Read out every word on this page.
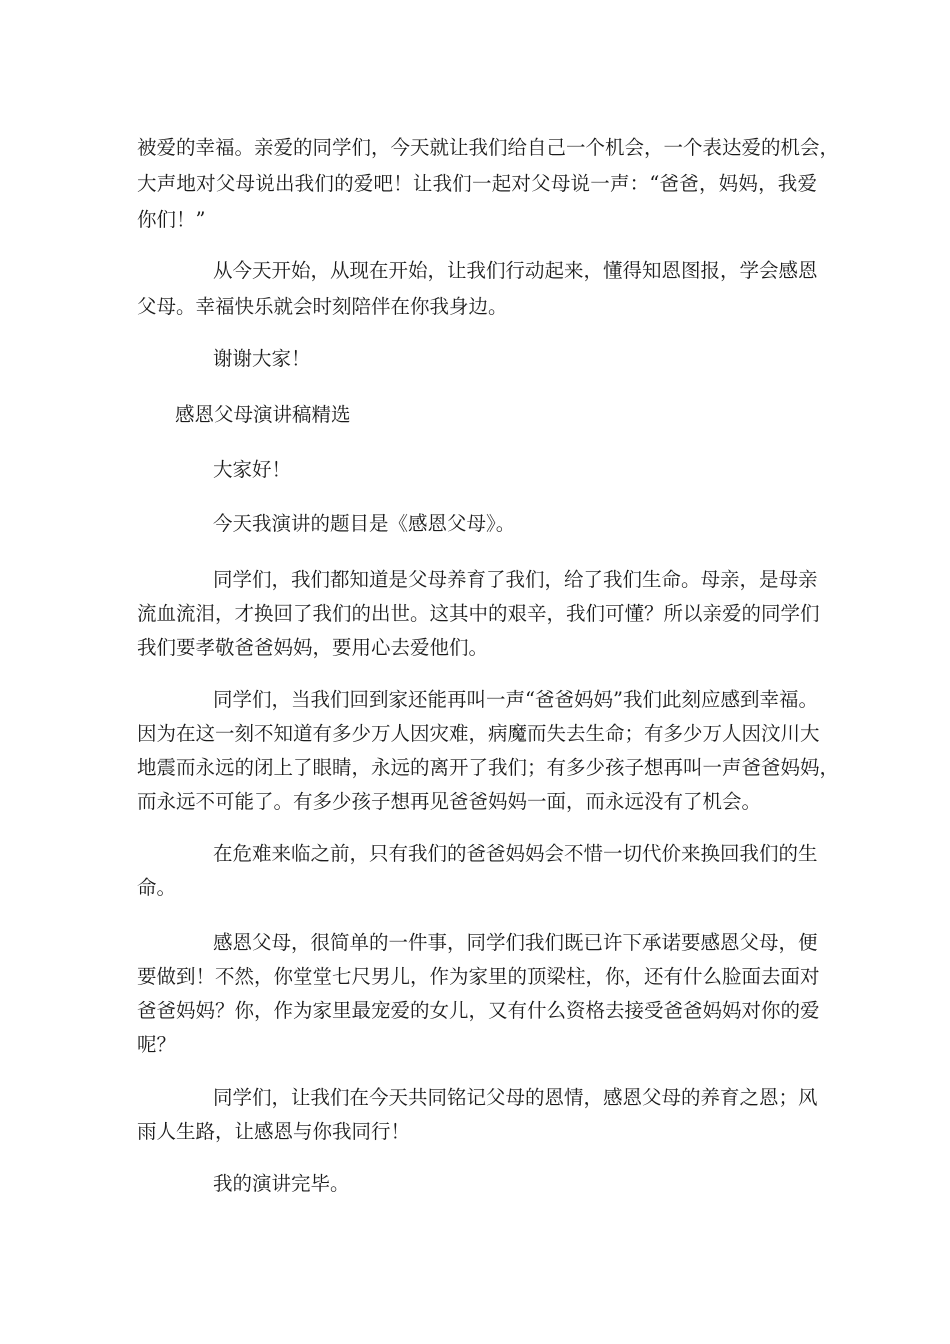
被爱的幸福。亲爱的同学们，今天就让我们给自己一个机会，一个表达爱的机会，
大声地对父母说出我们的爱吧！让我们一起对父母说一声：“爸爸，妈妈，我爱
你们！”
从今天开始，从现在开始，让我们行动起来，懂得知恩图报，学会感恩
父母。幸福快乐就会时刻陪伴在你我身边。
谢谢大家！
感恩父母演讲稿精选
大家好！
今天我演讲的题目是《感恩父母》。
同学们，我们都知道是父母养育了我们，给了我们生命。母亲，是母亲
流血流泪，才换回了我们的出世。这其中的艰辛，我们可懂？所以亲爱的同学们
我们要孝敬爸爸妈妈，要用心去爱他们。
同学们，当我们回到家还能再叫一声“爸爸妈妈”我们此刻应感到幸福。
因为在这一刻不知道有多少万人因灾难，病魔而失去生命；有多少万人因汶川大
地震而永远的闭上了眼睛，永远的离开了我们；有多少孩子想再叫一声爸爸妈妈，
而永远不可能了。有多少孩子想再见爸爸妈妈一面，而永远没有了机会。
在危难来临之前，只有我们的爸爸妈妈会不惜一切代价来换回我们的生
命。
感恩父母，很简单的一件事，同学们我们既已许下承诺要感恩父母，便
要做到！不然，你堂堂七尺男儿，作为家里的顶梁柱，你，还有什么脸面去面对
爸爸妈妈？你，作为家里最宠爱的女儿，又有什么资格去接受爸爸妈妈对你的爱
呢？
同学们，让我们在今天共同铭记父母的恩情，感恩父母的养育之恩；风
雨人生路，让感恩与你我同行！
我的演讲完毕。
